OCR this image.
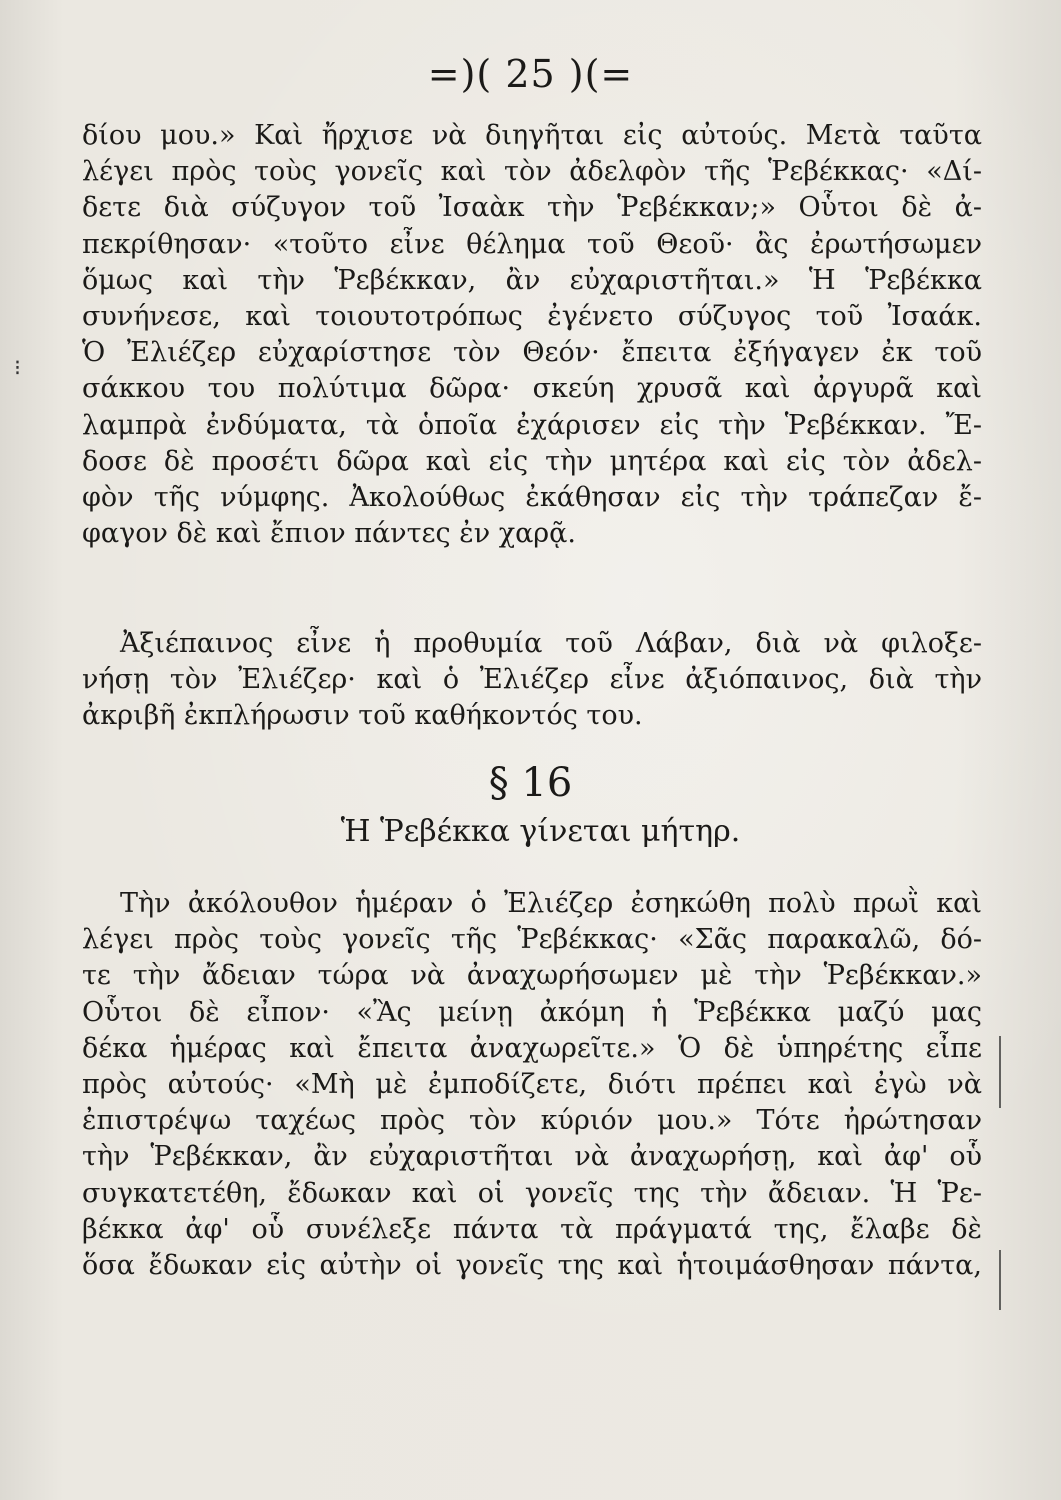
=)( 25 )(=
⁝
δίου μου.» Καὶ ἤρχισε νὰ διηγῆται εἰς αὐτούς. Μετὰ ταῦτα
λέγει πρὸς τοὺς γονεῖς καὶ τὸν ἀδελφὸν τῆς Ῥεβέκκας· «Δί-
δετε διὰ σύζυγον τοῦ Ἰσαὰκ τὴν Ῥεβέκκαν;» Οὗτοι δὲ ἀ-
πεκρίθησαν· «τοῦτο εἶνε θέλημα τοῦ Θεοῦ· ἂς ἐρωτήσωμεν
ὅμως καὶ τὴν Ῥεβέκκαν, ἂν εὐχαριστῆται.» Ἡ Ῥεβέκκα
συνήνεσε, καὶ τοιουτοτρόπως ἐγένετο σύζυγος τοῦ Ἰσαάκ.
Ὁ Ἐλιέζερ εὐχαρίστησε τὸν Θεόν· ἔπειτα ἐξήγαγεν ἐκ τοῦ
σάκκου του πολύτιμα δῶρα· σκεύη χρυσᾶ καὶ ἀργυρᾶ καὶ
λαμπρὰ ἐνδύματα, τὰ ὁποῖα ἐχάρισεν εἰς τὴν Ῥεβέκκαν. Ἔ-
δοσε δὲ προσέτι δῶρα καὶ εἰς τὴν μητέρα καὶ εἰς τὸν ἀδελ-
φὸν τῆς νύμφης. Ἀκολούθως ἐκάθησαν εἰς τὴν τράπεζαν ἔ-
φαγον δὲ καὶ ἔπιον πάντες ἐν χαρᾷ.
Ἀξιέπαινος εἶνε ἡ προθυμία τοῦ Λάβαν, διὰ νὰ φιλοξε-
νήσῃ τὸν Ἐλιέζερ· καὶ ὁ Ἐλιέζερ εἶνε ἀξιόπαινος, διὰ τὴν
ἀκριβῆ ἐκπλήρωσιν τοῦ καθήκοντός του.
§ 16
Ἡ Ῥεβέκκα γίνεται μήτηρ.
Τὴν ἀκόλουθον ἡμέραν ὁ Ἐλιέζερ ἐσηκώθη πολὺ πρωῒ καὶ
λέγει πρὸς τοὺς γονεῖς τῆς Ῥεβέκκας· «Σᾶς παρακαλῶ, δό-
τε τὴν ἄδειαν τώρα νὰ ἀναχωρήσωμεν μὲ τὴν Ῥεβέκκαν.»
Οὗτοι δὲ εἶπον· «Ἂς μείνῃ ἀκόμη ἡ Ῥεβέκκα μαζύ μας
δέκα ἡμέρας καὶ ἔπειτα ἀναχωρεῖτε.» Ὁ δὲ ὑπηρέτης εἶπε
πρὸς αὐτούς· «Μὴ μὲ ἐμποδίζετε, διότι πρέπει καὶ ἐγὼ νὰ
ἐπιστρέψω ταχέως πρὸς τὸν κύριόν μου.» Τότε ἠρώτησαν
τὴν Ῥεβέκκαν, ἂν εὐχαριστῆται νὰ ἀναχωρήσῃ, καὶ ἀφ' οὗ
συγκατετέθη, ἔδωκαν καὶ οἱ γονεῖς της τὴν ἄδειαν. Ἡ Ῥε-
βέκκα ἀφ' οὗ συνέλεξε πάντα τὰ πράγματά της, ἔλαβε δὲ
ὅσα ἔδωκαν εἰς αὐτὴν οἱ γονεῖς της καὶ ἡτοιμάσθησαν πάντα,
